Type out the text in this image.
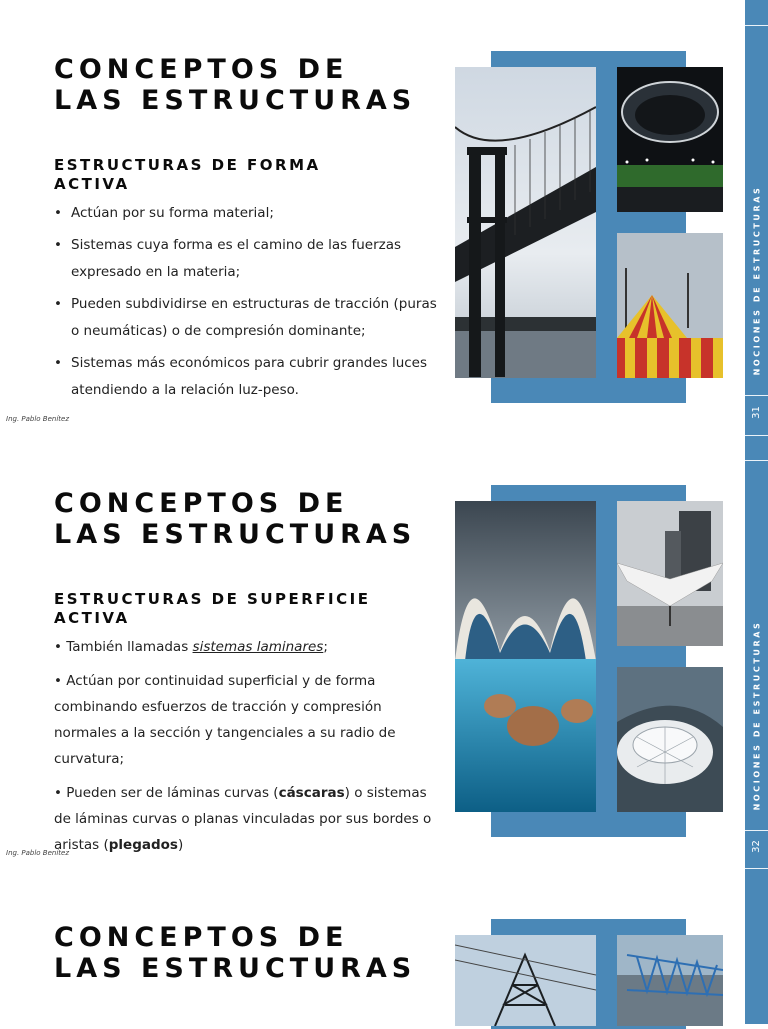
CONCEPTOS DE
LAS ESTRUCTURAS
ESTRUCTURAS DE FORMA
ACTIVA
• Actúan por su forma material;
• Sistemas cuya forma es el camino de las fuerzas expresado en la materia;
• Pueden subdividirse en estructuras de tracción (puras o neumáticas) o de compresión dominante;
• Sistemas más económicos para cubrir grandes luces atendiendo a la relación luz-peso.
Ing. Pablo Benítez
CONCEPTOS DE
LAS ESTRUCTURAS
ESTRUCTURAS DE SUPERFICIE
ACTIVA

• También llamadas sistemas laminares;

• Actúan por continuidad superficial y de forma combinando esfuerzos de tracción y compresión normales a la sección y tangenciales a su radio de curvatura;

• Pueden ser de láminas curvas (cáscaras) o sistemas de láminas curvas o planas vinculadas por sus bordes o aristas (plegados)

Ing. Pablo Benítez
CONCEPTOS DE
LAS ESTRUCTURAS
NOCIONES DE ESTRUCTURAS
31
NOCIONES DE ESTRUCTURAS
32
